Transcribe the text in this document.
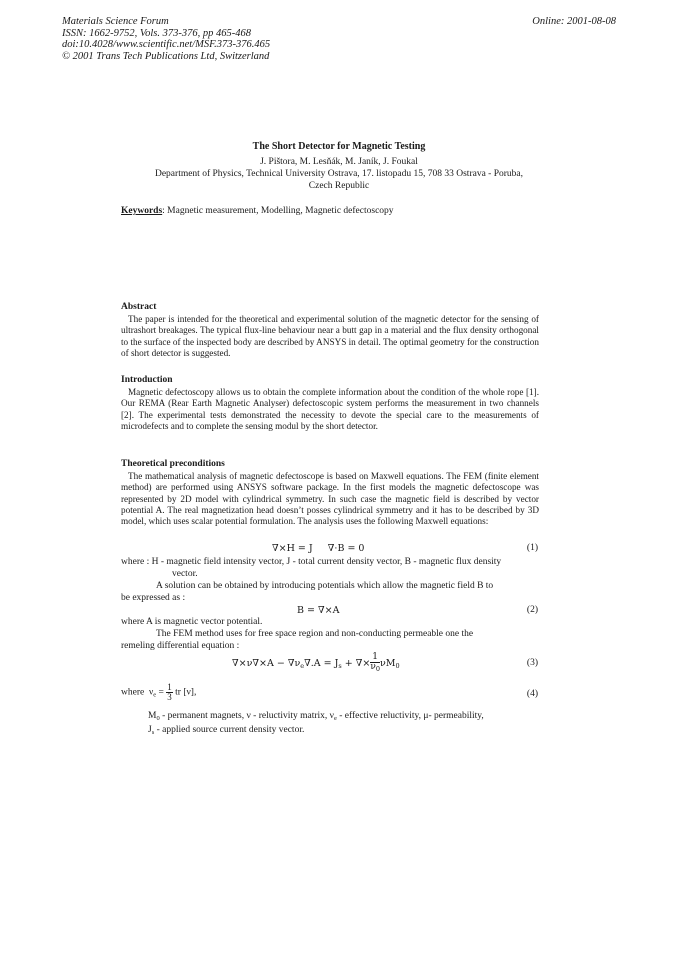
Materials Science Forum
ISSN: 1662-9752, Vols. 373-376, pp 465-468
doi:10.4028/www.scientific.net/MSF.373-376.465
© 2001 Trans Tech Publications Ltd, Switzerland
Online: 2001-08-08
The Short Detector for Magnetic Testing
J. Pištora, M. Lesňák, M. Janík, J. Foukal
Department of Physics, Technical University Ostrava, 17. listopadu 15, 708 33 Ostrava - Poruba,
Czech Republic
Keywords: Magnetic measurement, Modelling, Magnetic defectoscopy
Abstract
The paper is intended for the theoretical and experimental solution of the magnetic detector for the sensing of ultrashort breakages. The typical flux-line behaviour near a butt gap in a material and the flux density orthogonal to the surface of the inspected body are described by ANSYS in detail. The optimal geometry for the construction of short detector is suggested.
Introduction
Magnetic defectoscopy allows us to obtain the complete information about the condition of the whole rope [1]. Our REMA (Rear Earth Magnetic Analyser) defectoscopic system performs the measurement in two channels [2]. The experimental tests demonstrated the necessity to devote the special care to the measurements of microdefects and to complete the sensing modul by the short detector.
Theoretical preconditions
The mathematical analysis of magnetic defectoscope is based on Maxwell equations. The FEM (finite element method) are performed using ANSYS software package. In the first models the magnetic defectoscope was represented by 2D model with cylindrical symmetry. In such case the magnetic field is described by vector potential A. The real magnetization head doesn’t posses cylindrical symmetry and it has to be described by 3D model, which uses scalar potential formulation. The analysis uses the following Maxwell equations:
∇×H = J ∇·B = 0	(1)
where : H - magnetic field intensity vector, J - total current density vector, B - magnetic flux density
vector.
A solution can be obtained by introducing potentials which allow the magnetic field B to
be expressed as :
B = ∇×A	(2)
where A is magnetic vector potential.
The FEM method uses for free space region and non-conducting permeable one the
remeling differential equation :
$\nabla\times\nu\nabla\times A - \nabla\nu_e\nabla.A = J_s$ + ∇× $\frac{1}{\nu_0} \nu M_0$	(3)
where $\nu_e = \frac{1}{3}$ tr [ν],	(4)
$M_0$ - permanent magnets, ν - reluctivity matrix, $\nu_e$ - effective reluctivity, μ- permeability,
$J_s$ - applied source current density vector.
